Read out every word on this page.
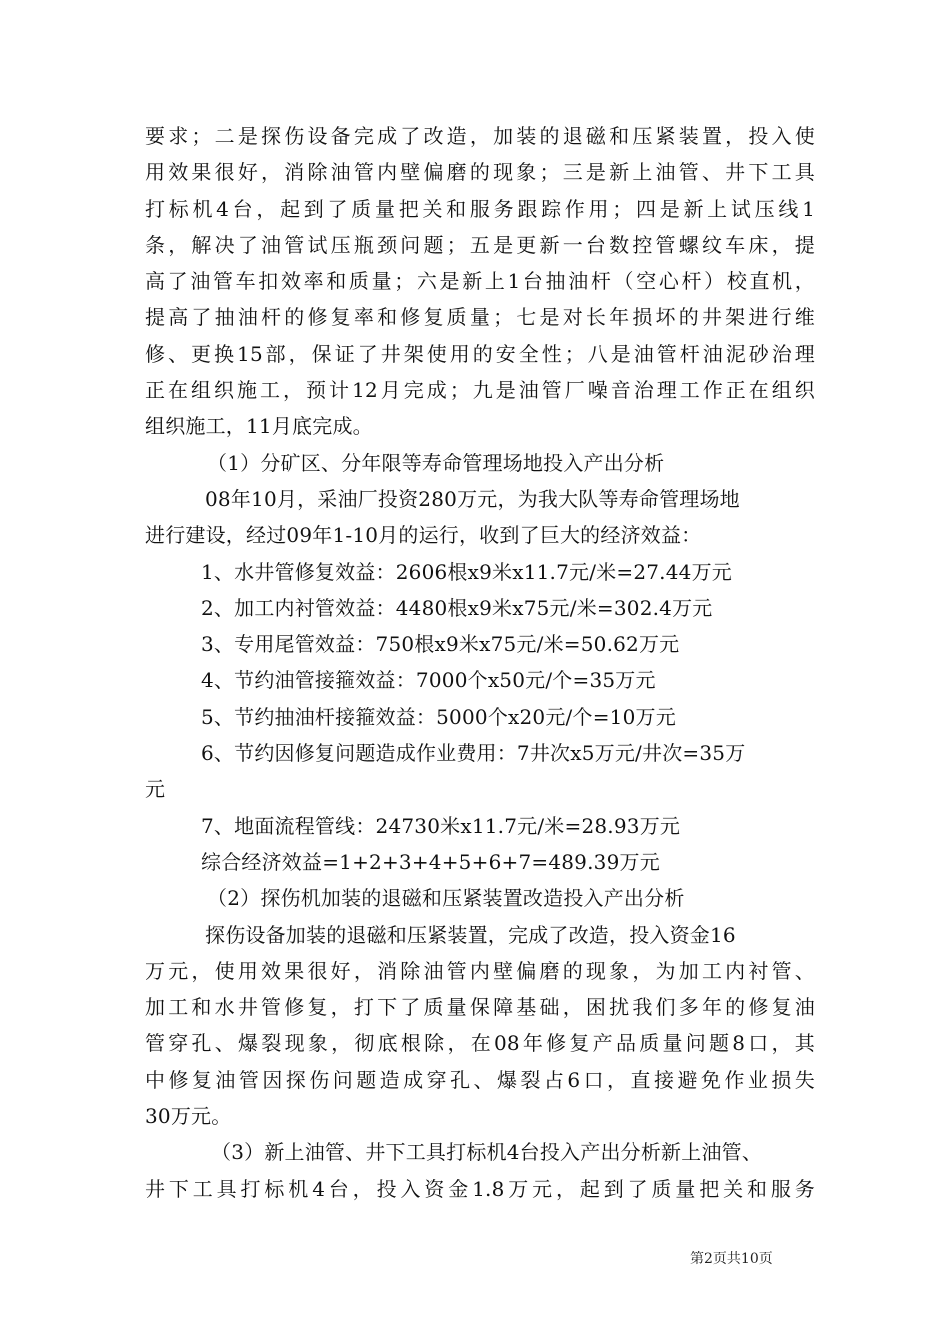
要求；二是探伤设备完成了改造，加装的退磁和压紧装置，投入使
用效果很好，消除油管内壁偏磨的现象；三是新上油管、井下工具
打标机4台，起到了质量把关和服务跟踪作用；四是新上试压线1
条，解决了油管试压瓶颈问题；五是更新一台数控管螺纹车床，提
高了油管车扣效率和质量；六是新上1台抽油杆（空心杆）校直机，
提高了抽油杆的修复率和修复质量；七是对长年损坏的井架进行维
修、更换15部，保证了井架使用的安全性；八是油管杆油泥砂治理
正在组织施工，预计12月完成；九是油管厂噪音治理工作正在组织
组织施工，11月底完成。
（1）分矿区、分年限等寿命管理场地投入产出分析
08年10月，采油厂投资280万元，为我大队等寿命管理场地
进行建设，经过09年1-10月的运行，收到了巨大的经济效益：
1、水井管修复效益：2606根x9米x11.7元/米=27.44万元
2、加工内衬管效益：4480根x9米x75元/米=302.4万元
3、专用尾管效益：750根x9米x75元/米=50.62万元
4、节约油管接箍效益：7000个x50元/个=35万元
5、节约抽油杆接箍效益：5000个x20元/个=10万元
6、节约因修复问题造成作业费用：7井次x5万元/井次=35万
元
7、地面流程管线：24730米x11.7元/米=28.93万元
综合经济效益=1+2+3+4+5+6+7=489.39万元
（2）探伤机加装的退磁和压紧装置改造投入产出分析
探伤设备加装的退磁和压紧装置，完成了改造，投入资金16
万元，使用效果很好，消除油管内壁偏磨的现象，为加工内衬管、
加工和水井管修复，打下了质量保障基础，困扰我们多年的修复油
管穿孔、爆裂现象，彻底根除，在08年修复产品质量问题8口，其
中修复油管因探伤问题造成穿孔、爆裂占6口，直接避免作业损失
30万元。
（3）新上油管、井下工具打标机4台投入产出分析新上油管、
井下工具打标机4台，投入资金1.8万元，起到了质量把关和服务
第2页共10页
